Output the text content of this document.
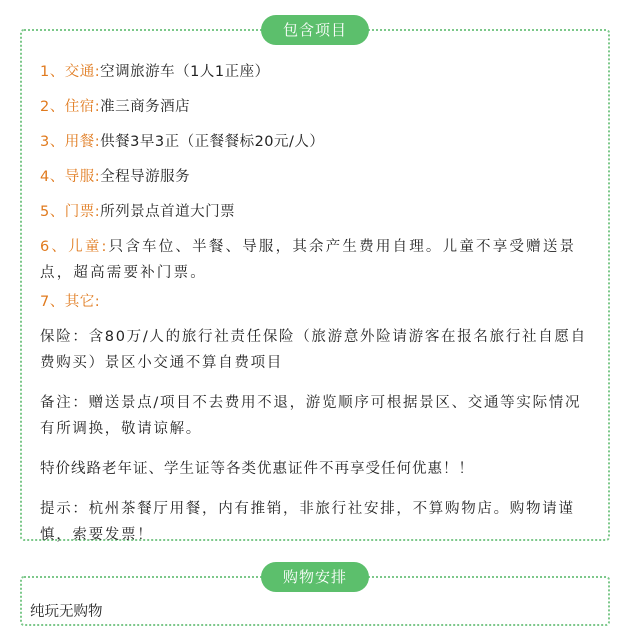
包含项目
1、交通:空调旅游车（1人1正座）
2、住宿:准三商务酒店
3、用餐:供餐3早3正（正餐餐标20元/人）
4、导服:全程导游服务
5、门票:所列景点首道大门票
6、儿童:只含车位、半餐、导服，其余产生费用自理。儿童不享受赠送景点，超高需要补门票。
7、其它:
保险：含80万/人的旅行社责任保险（旅游意外险请游客在报名旅行社自愿自费购买）景区小交通不算自费项目
备注：赠送景点/项目不去费用不退，游览顺序可根据景区、交通等实际情况有所调换，敬请谅解。
特价线路老年证、学生证等各类优惠证件不再享受任何优惠！！
提示：杭州茶餐厅用餐，内有推销，非旅行社安排，不算购物店。购物请谨慎，索要发票！
购物安排
纯玩无购物
